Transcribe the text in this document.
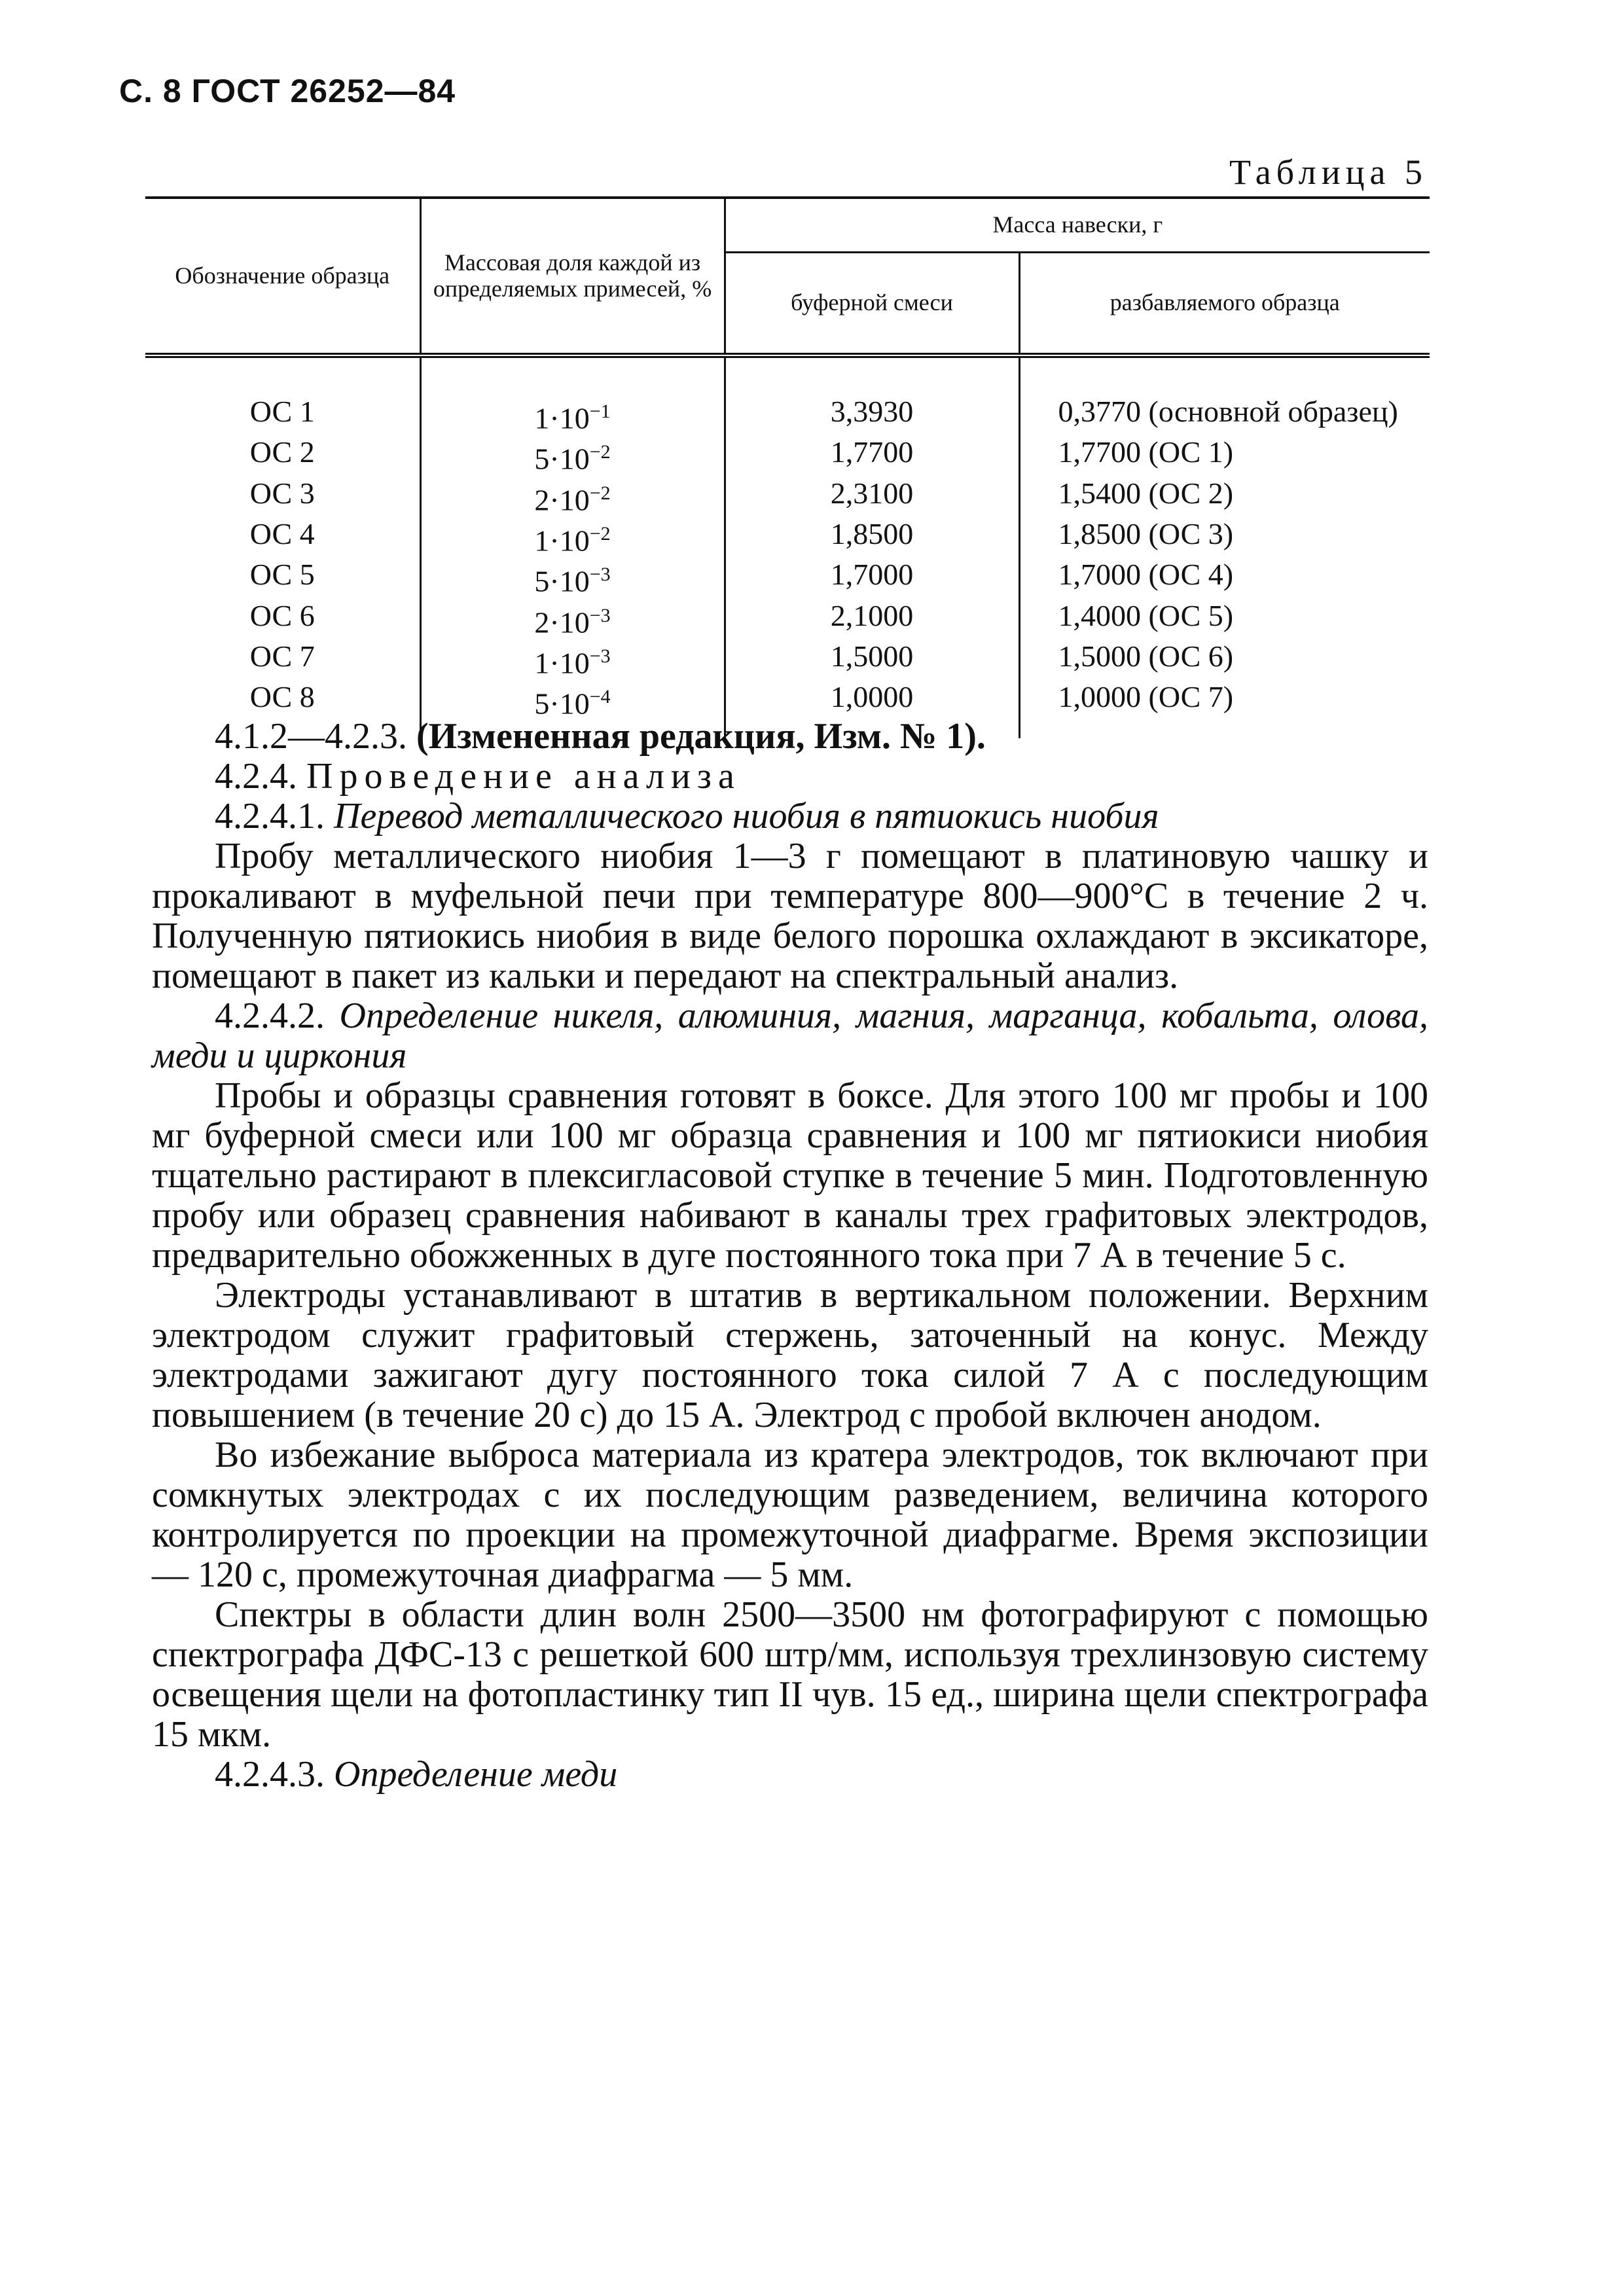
С. 8 ГОСТ 26252—84
Таблица 5
Обозначение образца	Массовая доля каждой из определяемых примесей, %	Масса навески, г	
		буферной смеси	разбавляемого образца

ОС 1	$1\cdot 10^{-1}$	3,3930	0,3770 (основной образец)
ОС 2	$5\cdot 10^{-2}$	1,7700	1,7700 (ОС 1)
ОС 3	$2\cdot 10^{-2}$	2,3100	1,5400 (ОС 2)
ОС 4	$1\cdot 10^{-2}$	1,8500	1,8500 (ОС 3)
ОС 5	$5\cdot 10^{-3}$	1,7000	1,7000 (ОС 4)
ОС 6	$2\cdot 10^{-3}$	2,1000	1,4000 (ОС 5)
ОС 7	$1\cdot 10^{-3}$	1,5000	1,5000 (ОС 6)
ОС 8	$5\cdot 10^{-4}$	1,0000	1,0000 (ОС 7)

4.1.2—4.2.3. (Измененная редакция, Изм. № 1).

4.2.4. Проведение анализа

4.2.4.1. Перевод металлического ниобия в пятиокись ниобия

Пробу металлического ниобия 1—3 г помещают в платиновую чашку и прокаливают в муфельной печи при температуре 800—900°С в течение 2 ч. Полученную пятиокись ниобия в виде белого порошка охлаждают в эксикаторе, помещают в пакет из кальки и передают на спектральный анализ.

4.2.4.2. Определение никеля, алюминия, магния, марганца, кобальта, олова, меди и циркония

Пробы и образцы сравнения готовят в боксе. Для этого 100 мг пробы и 100 мг буферной смеси или 100 мг образца сравнения и 100 мг пятиокиси ниобия тщательно растирают в плексигласовой ступке в течение 5 мин. Подготовленную пробу или образец сравнения набивают в каналы трех графитовых электродов, предварительно обожженных в дуге постоянного тока при 7 А в течение 5 с.

Электроды устанавливают в штатив в вертикальном положении. Верхним электродом служит графитовый стержень, заточенный на конус. Между электродами зажигают дугу постоянного тока силой 7 А с последующим повышением (в течение 20 с) до 15 А. Электрод с пробой включен анодом.

Во избежание выброса материала из кратера электродов, ток включают при сомкнутых электродах с их последующим разведением, величина которого контролируется по проекции на промежуточной диафрагме. Время экспозиции — 120 с, промежуточная диафрагма — 5 мм.

Спектры в области длин волн 2500—3500 нм фотографируют с помощью спектрографа ДФС-13 с решеткой 600 штр/мм, используя трехлинзовую систему освещения щели на фотопластинку тип II чув. 15 ед., ширина щели спектрографа 15 мкм.

4.2.4.3. Определение меди
